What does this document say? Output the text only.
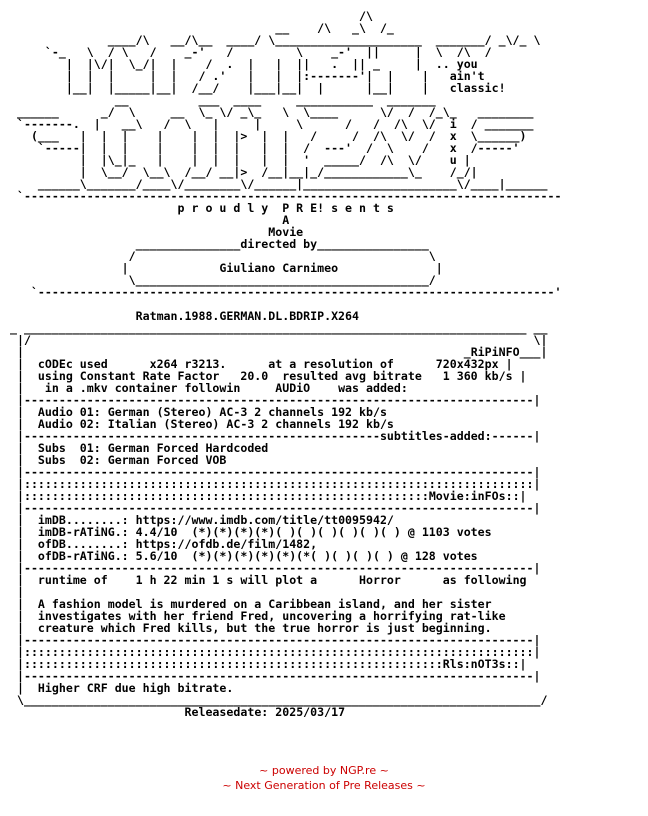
/\
__    /\   _\  /_
____/\   __/\__  ____/ \_____________________  _______/ _\/_ \
`-_   \  / \   /    _-'   /         \    _-'  ||     |  \  /\  /
|  |\/|  \_/|  |    /  .  |   |  ||   .  || _     |  .. you
|  |  |     |  |   / .'   |   |  |:-------'|  |    |   ain't
|__|  |_____|__|  /__/    |___|__|  |      |__|    |   classic!
__          ___  ____     ___________  _______
______      _/  \     __  \_ \/ _\_   \  \____      \/  /  /_\_   ________
`-------.  |   __\   /  \   |     |     \      /   /  /\  \/  i  / _______
(___   |  |  |    |    |  |  |>  |  |   /     /  /\  \/  /  x  \______)
`-----|  |  |    |    |  |  |   |  |  /  ---'  /  \    /   x  /-----'
|  |\_|_   |    |  |  |   |  |  '  _____/  /\  \/    u |
|  \__/  \__\  /__/ __|>  /__|__|_/____________\_    /_/|
______\_______/____\/________\/______|______________________\/____|______
`-----------------------------------------------------------------------------
p r o u d l y  P R E! s e n t s
A
Movie
_______________directed by________________
/                                          \
|             Giuliano Carnimeo              |
\__________________________________________/
`--------------------------------------------------------------------------'

Ratman.1988.GERMAN.DL.BDRIP.X264
_ ________________________________________________________________________ __
|/                                                                        \|
|                                                               _RiPiNFO___|
|  cODEc used      x264 r3213.      at a resolution of      720x432px |
|  using Constant Rate Factor   20.0  resulted avg bitrate   1 360 kb/s |
|   in a .mkv container followin     AUDiO    was added:
|-------------------------------------------------------------------------|
|  Audio 01: German (Stereo) AC-3 2 channels 192 kb/s
|  Audio 02: Italian (Stereo) AC-3 2 channels 192 kb/s
|---------------------------------------------------subtitles-added:------|
|  Subs  01: German Forced Hardcoded
|  Subs  02: German Forced VOB
|-------------------------------------------------------------------------|
|:::::::::::::::::::::::::::::::::::::::::::::::::::::::::::::::::::::::::|
|::::::::::::::::::::::::::::::::::::::::::::::::::::::::::Movie:inFOs::|
|-------------------------------------------------------------------------|
|  imDB........: https://www.imdb.com/title/tt0095942/
|  imDB-rATiNG.: 4.4/10  (*)(*)(*)(*)( )( )( )( )( )( ) @ 1103 votes
|  ofDB........: https://ofdb.de/film/1482,
|  ofDB-rATiNG.: 5.6/10  (*)(*)(*)(*)(*)(*( )( )( )( ) @ 128 votes
|-------------------------------------------------------------------------|
|  runtime of    1 h 22 min 1 s will plot a      Horror      as following
|
|  A fashion model is murdered on a Caribbean island, and her sister
|  investigates with her friend Fred, uncovering a horrifying rat-like
|  creature which Fred kills, but the true horror is just beginning.
|-------------------------------------------------------------------------|
|:::::::::::::::::::::::::::::::::::::::::::::::::::::::::::::::::::::::::|
|::::::::::::::::::::::::::::::::::::::::::::::::::::::::::::Rls:nOT3s::|
|-------------------------------------------------------------------------|
|  Higher CRF due high bitrate.
\__________________________________________________________________________/
Releasedate: 2025/03/17
~ powered by NGP.re ~
~ Next Generation of Pre Releases ~
